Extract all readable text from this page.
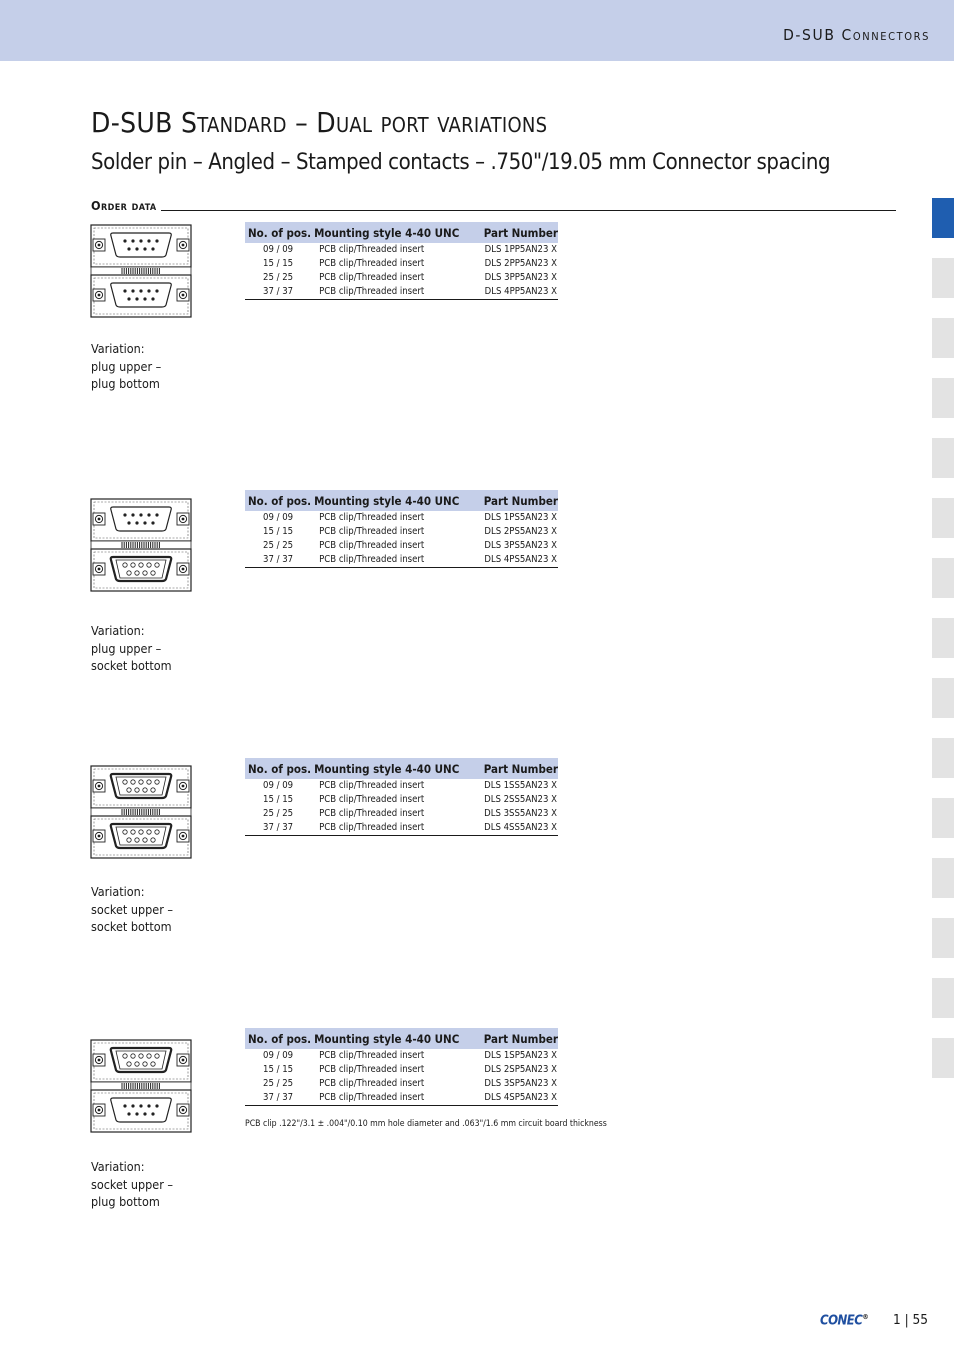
D-SUB Connectors
D-SUB Standard – Dual port variations
Solder pin – Angled – Stamped contacts – .750"/19.05 mm Connector spacing
Order data
Variation:
plug upper –
plug bottom
No. of pos.	Mounting style 4-40 UNC	Part Number
09 / 09	PCB clip/Threaded insert	DLS 1PP5AN23 X
15 / 15	PCB clip/Threaded insert	DLS 2PP5AN23 X
25 / 25	PCB clip/Threaded insert	DLS 3PP5AN23 X
37 / 37	PCB clip/Threaded insert	DLS 4PP5AN23 X
Variation:
plug upper –
socket bottom
No. of pos.	Mounting style 4-40 UNC	Part Number
09 / 09	PCB clip/Threaded insert	DLS 1PS5AN23 X
15 / 15	PCB clip/Threaded insert	DLS 2PS5AN23 X
25 / 25	PCB clip/Threaded insert	DLS 3PS5AN23 X
37 / 37	PCB clip/Threaded insert	DLS 4PS5AN23 X
Variation:
socket upper –
socket bottom
No. of pos.	Mounting style 4-40 UNC	Part Number
09 / 09	PCB clip/Threaded insert	DLS 1SS5AN23 X
15 / 15	PCB clip/Threaded insert	DLS 2SS5AN23 X
25 / 25	PCB clip/Threaded insert	DLS 3SS5AN23 X
37 / 37	PCB clip/Threaded insert	DLS 4SS5AN23 X
Variation:
socket upper –
plug bottom
No. of pos.	Mounting style 4-40 UNC	Part Number
09 / 09	PCB clip/Threaded insert	DLS 1SP5AN23 X
15 / 15	PCB clip/Threaded insert	DLS 2SP5AN23 X
25 / 25	PCB clip/Threaded insert	DLS 3SP5AN23 X
37 / 37	PCB clip/Threaded insert	DLS 4SP5AN23 X
PCB clip .122"/3.1 ± .004"/0.10 mm hole diameter and .063"/1.6 mm circuit board thickness
CONEC® 1 | 55
